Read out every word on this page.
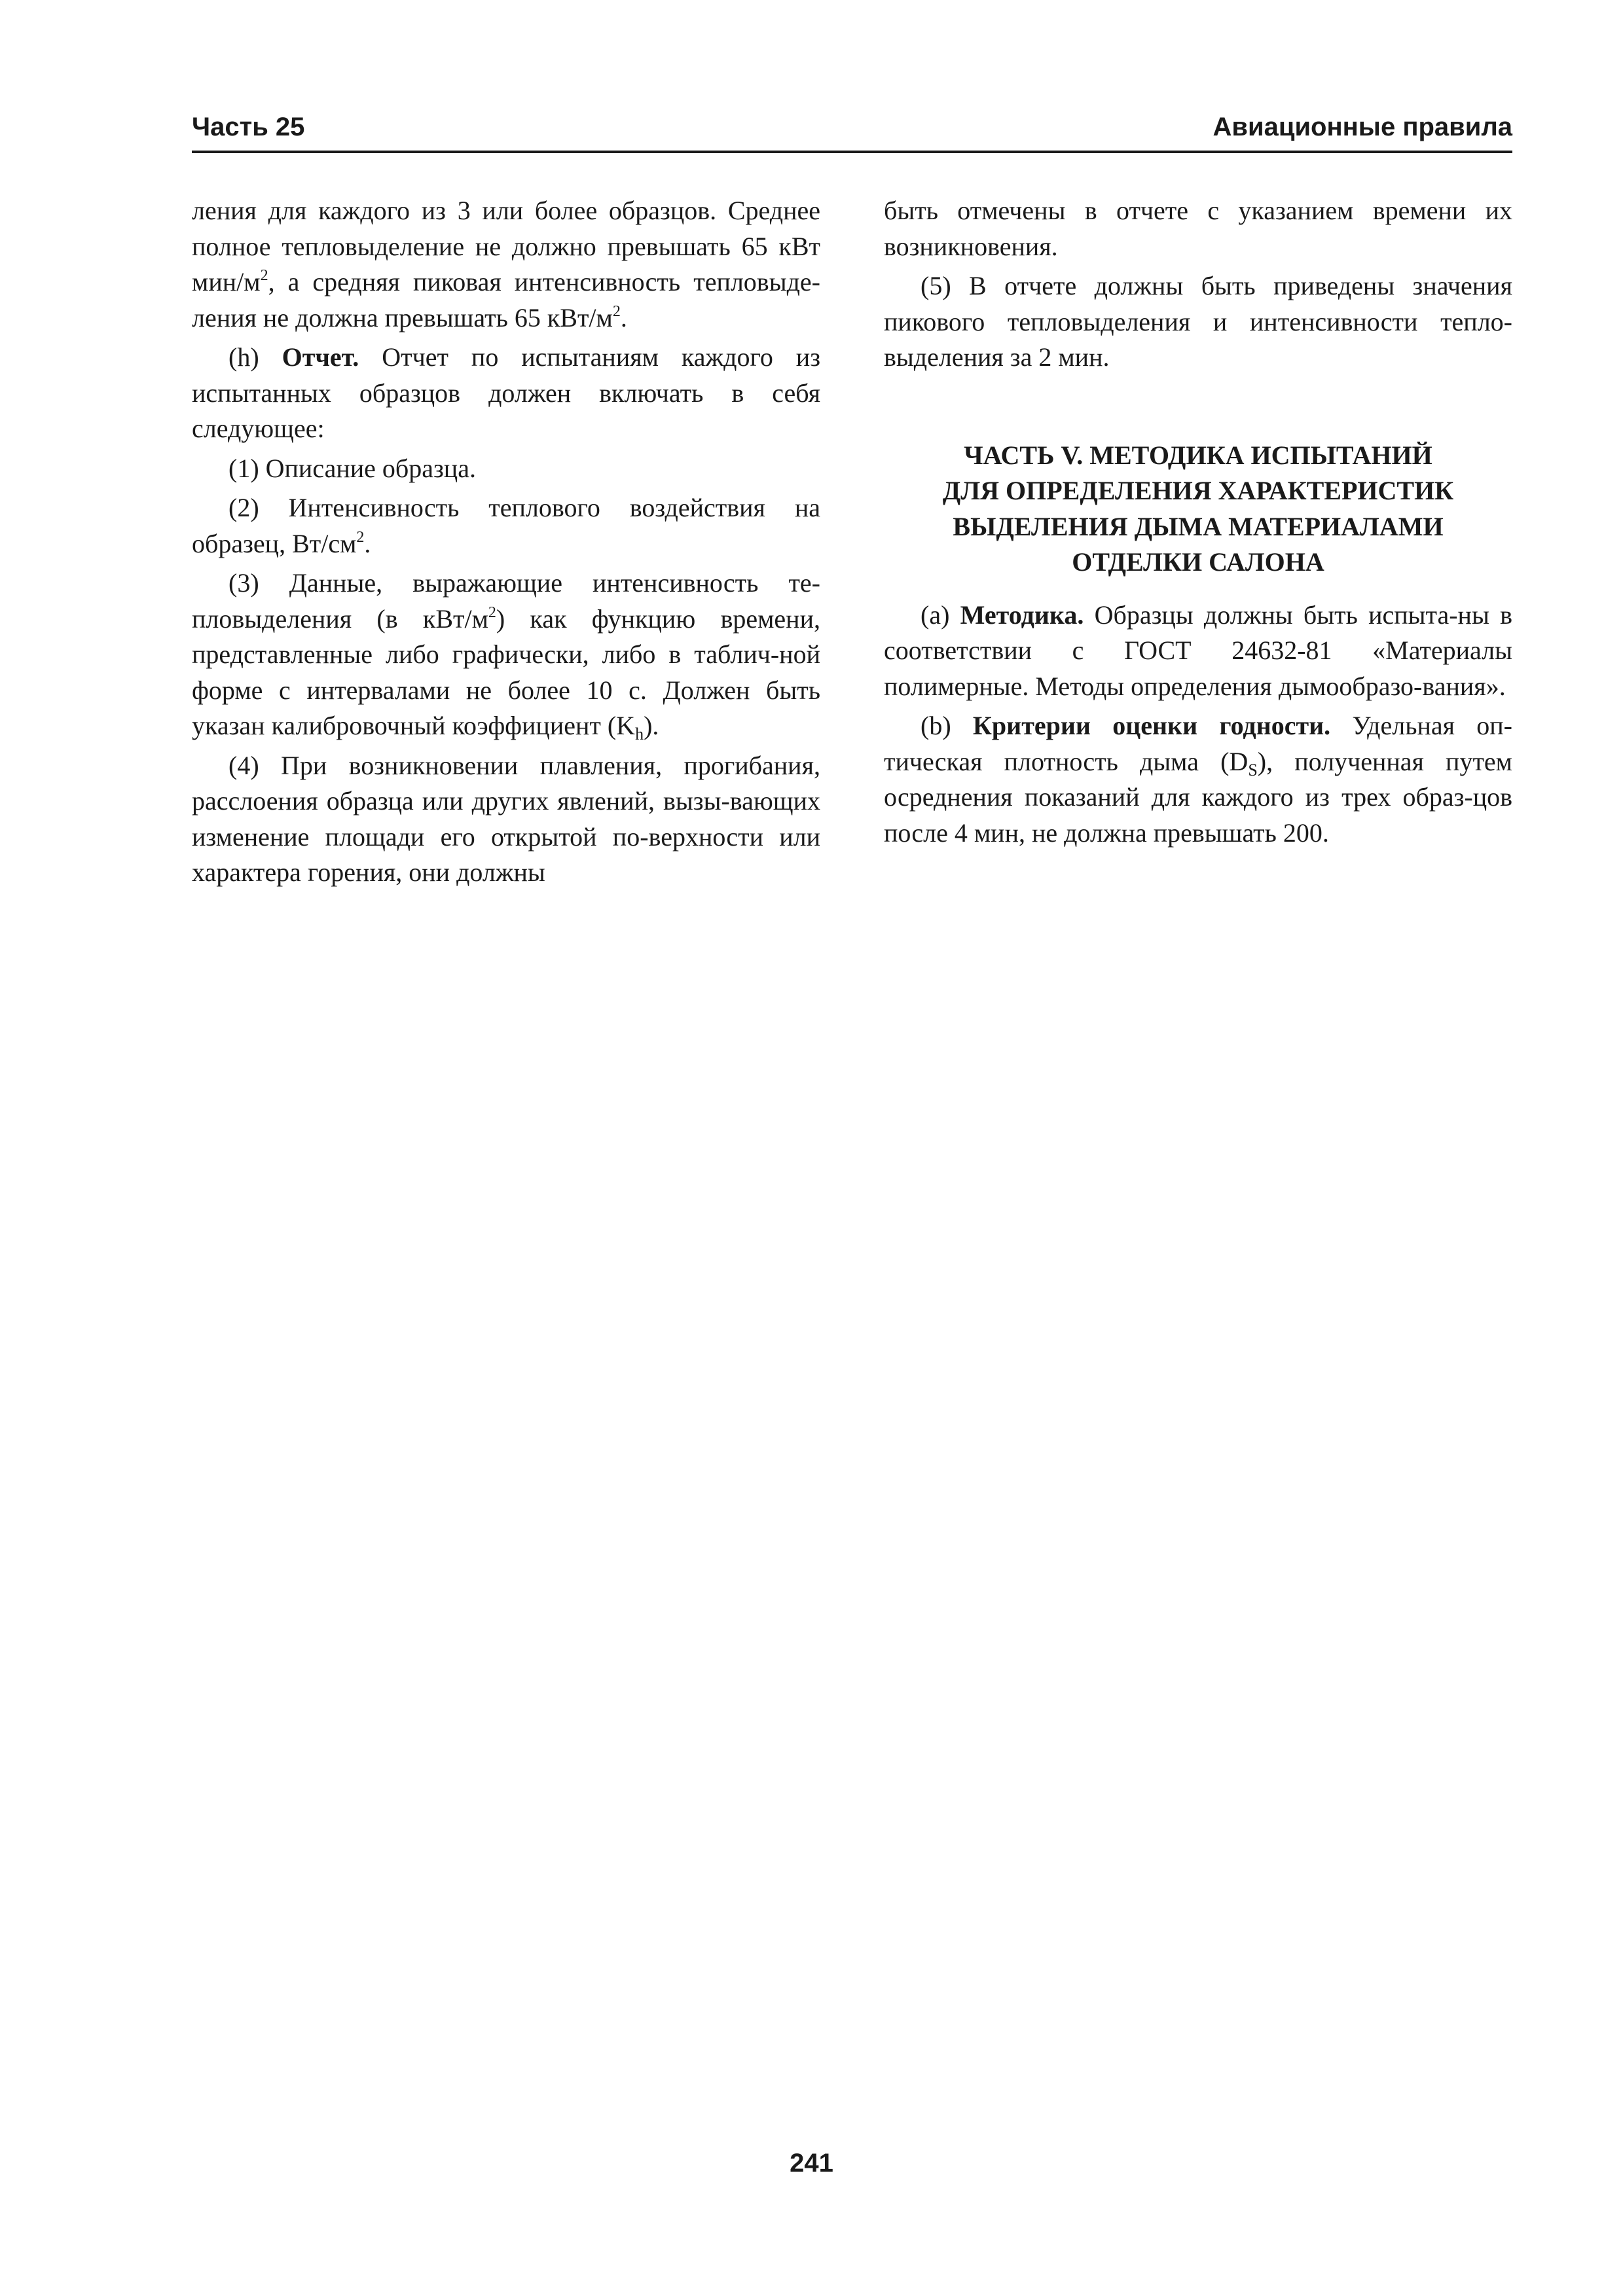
Часть 25	Авиационные правила

ления для каждого из 3 или более образцов. Среднее полное тепловыделение не должно превышать 65 кВт мин/$м^2$, а средняя пиковая интенсивность тепловыде-ления не должна превышать 65 кВт/$м^2$.

(h) Отчет. Отчет по испытаниям каждого из испытанных образцов должен включать в себя следующее:

(1) Описание образца.

(2) Интенсивность теплового воздействия на образец, $Вт/см^2$.

(3) Данные, выражающие интенсивность те-пловыделения (в кВт/$м^2$) как функцию времени, представленные либо графически, либо в таблич-ной форме с интервалами не более 10 с. Должен быть указан калибровочный коэффициент $(K_h)$.

(4) При возникновении плавления, прогибания, расслоения образца или других явлений, вызы-вающих изменение площади его открытой по-верхности или характера горения, они должны

быть отмечены в отчете с указанием времени их возникновения.

(5) В отчете должны быть приведены значения пикового тепловыделения и интенсивности тепло-выделения за 2 мин.

ЧАСТЬ V. МЕТОДИКА ИСПЫТАНИЙ
ДЛЯ ОПРЕДЕЛЕНИЯ ХАРАКТЕРИСТИК
ВЫДЕЛЕНИЯ ДЫМА МАТЕРИАЛАМИ
ОТДЕЛКИ САЛОНА

(a) Методика. Образцы должны быть испыта-ны в соответствии с ГОСТ 24632-81 «Материалы полимерные. Методы определения дымообразо-вания».

(b) Критерии оценки годности. Удельная оп-тическая плотность дыма $(D_S)$, полученная путем осреднения показаний для каждого из трех образ-цов после 4 мин, не должна превышать 200.

241
